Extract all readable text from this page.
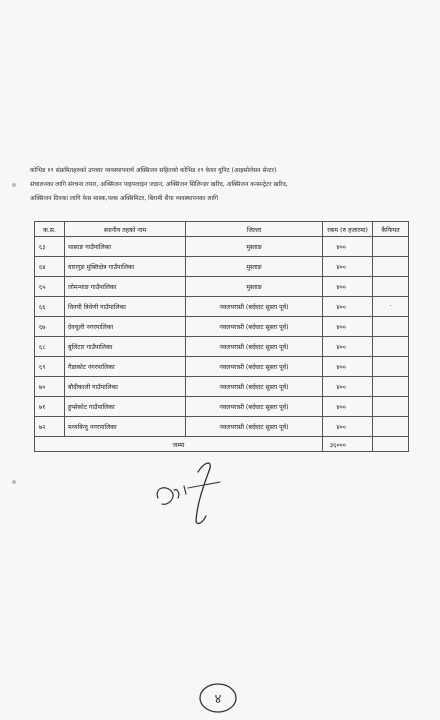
कोभिड १९ संक्रमितहरुको उपचार व्यवस्थापनार्थ अक्सिजन सहितको कोभिड १९ केयर युनिट (आइसोलेसन सेन्टर)

संचालनका लागि संरचना तयार, अक्सिजन पाइपलाइन जडान, अक्सिजन सिलिन्डर खरिद, अक्सिजन कन्सन्ट्रेटर खरिद,

अक्सिजन दिनका लागि फेस मास्क,पल्स अक्सिमिटर, बिरामी शैया व्यवस्थापनका लागि

क.स.	स्थानीय तहको नाम	जिल्ला	रकम (रु हजारमा)	कैफियत
६३	थासाङ गाउँपालिका	मुस्ताङ	४००	
६४	वारागुङ मुक्तिक्षेत्र गाउँपालिका	मुस्ताङ	४००	
६५	लोमन्थाङ गाउँपालिका	मुस्ताङ	४००	
६६	विनयी त्रिवेणी गाउँपालिका	नवलपरासी (बर्दघाट सुस्ता पूर्व)	४००	·
६७	देवचुली नगरपालिका	नवलपरासी (बर्दघाट सुस्ता पूर्व)	४००	
६८	बुलिंटार गाउँपालिका	नवलपरासी (बर्दघाट सुस्ता पूर्व)	४००	
६९	गैडाकोट नगरपालिका	नवलपरासी (बर्दघाट सुस्ता पूर्व)	४००	
७०	बौदीकाली गाउँपालिका	नवलपरासी (बर्दघाट सुस्ता पूर्व)	४००	
७१	हुप्सेकोट गाउँपालिका	नवलपरासी (बर्दघाट सुस्ता पूर्व)	४००	
७२	मध्यबिन्दु नगरपालिका	नवलपरासी (बर्दघाट सुस्ता पूर्व)	४००	
जम्मा			३६०००	
४
